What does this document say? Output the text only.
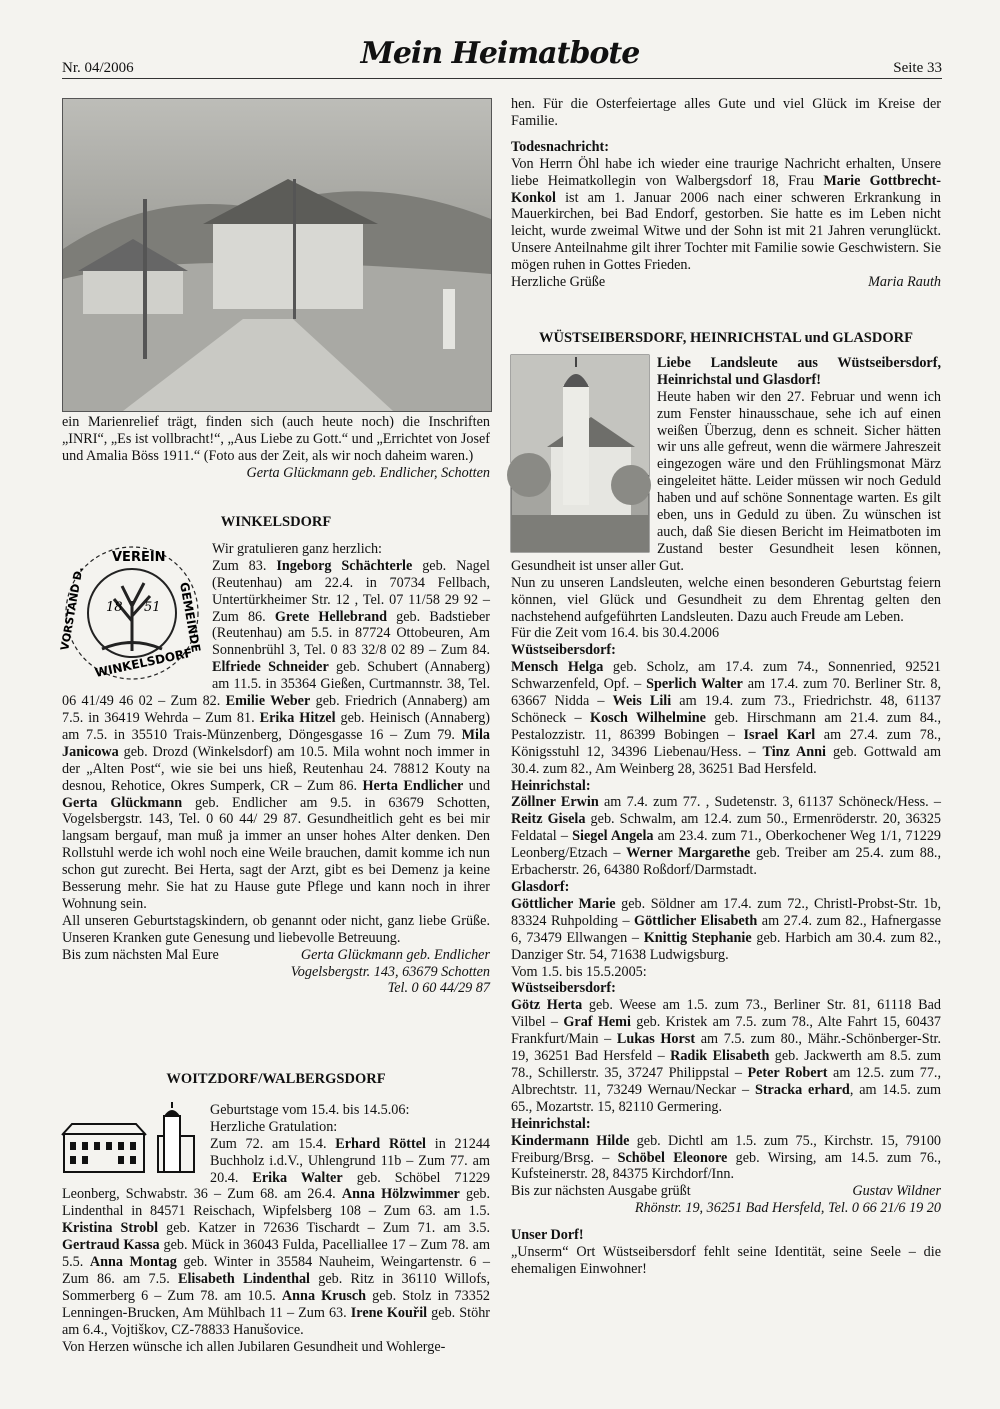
Nr. 04/2006	Mein Heimatbote	Seite 33

ein Marienrelief trägt, finden sich (auch heute noch) die Inschriften „INRI“, „Es ist vollbracht!“, „Aus Liebe zu Gott.“ und „Errichtet von Josef und Amalia Böss 1911.“ (Foto aus der Zeit, als wir noch daheim waren.)

Gerta Glückmann geb. Endlicher, Schotten

WINKELSDORF

18 51
VEREIN
GEMEINDE
VORSTAND D.
WINKELSDORF

Wir gratulieren ganz herzlich:

Zum 83. Ingeborg Schächterle geb. Nagel (Reutenhau) am 22.4. in 70734 Fellbach, Untertürkheimer Str. 12 , Tel. 07 11/58 29 92 – Zum 86. Grete Hellebrand geb. Badstieber (Reutenhau) am 5.5. in 87724 Ottobeuren, Am Sonnenbrühl 3, Tel. 0 83 32/8 02 89 – Zum 84. Elfriede Schneider geb. Schubert (Annaberg) am 11.5. in 35364 Gießen, Curtmannstr. 38, Tel. 06 41/49 46 02 – Zum 82. Emilie Weber geb. Friedrich (Annaberg) am 7.5. in 36419 Wehrda – Zum 81. Erika Hitzel geb. Heinisch (Annaberg) am 7.5. in 35510 Trais-Münzenberg, Döngesgasse 16 – Zum 79. Mila Janicowa geb. Drozd (Winkelsdorf) am 10.5. Mila wohnt noch immer in der „Alten Post“, wie sie bei uns hieß, Reutenhau 24. 78812 Kouty na desnou, Rehotice, Okres Sumperk, CR – Zum 86. Herta Endlicher und Gerta Glückmann geb. Endlicher am 9.5. in 63679 Schotten, Vogelsbergstr. 143, Tel. 0 60 44/ 29 87. Gesundheitlich geht es bei mir langsam bergauf, man muß ja immer an unser hohes Alter denken. Den Rollstuhl werde ich wohl noch eine Weile brauchen, damit komme ich nun schon gut zurecht. Bei Herta, sagt der Arzt, gibt es bei Demenz ja keine Besserung mehr. Sie hat zu Hause gute Pflege und kann noch in ihrer Wohnung sein.

All unseren Geburtstagskindern, ob genannt oder nicht, ganz liebe Grüße. Unseren Kranken gute Genesung und liebevolle Betreuung.

Bis zum nächsten Mal Eure	Gerta Glückmann geb. Endlicher

Vogelsbergstr. 143, 63679 Schotten

Tel. 0 60 44/29 87

WOITZDORF/WALBERGSDORF

Geburtstage vom 15.4. bis 14.5.06:

Herzliche Gratulation:

Zum 72. am 15.4. Erhard Röttel in 21244 Buchholz i.d.V., Uhlengrund 11b – Zum 77. am 20.4. Erika Walter geb. Schöbel 71229 Leonberg, Schwabstr. 36 – Zum 68. am 26.4. Anna Hölzwimmer geb. Lindenthal in 84571 Reischach, Wipfelsberg 108 – Zum 63. am 1.5. Kristina Strobl geb. Katzer in 72636 Tischardt – Zum 71. am 3.5. Gertraud Kassa geb. Mück in 36043 Fulda, Pacelliallee 17 – Zum 78. am 5.5. Anna Montag geb. Winter in 35584 Nauheim, Weingartenstr. 6 – Zum 86. am 7.5. Elisabeth Lindenthal geb. Ritz in 36110 Willofs, Sommerberg 6 – Zum 78. am 10.5. Anna Krusch geb. Stolz in 73352 Lenningen-Brucken, Am Mühlbach 11 – Zum 63. Irene Kouřil geb. Stöhr am 6.4., Vojtiškov, CZ-78833 Hanušovice.

Von Herzen wünsche ich allen Jubilaren Gesundheit und Wohlerge-

hen. Für die Osterfeiertage alles Gute und viel Glück im Kreise der Familie.

Todesnachricht:

Von Herrn Öhl habe ich wieder eine traurige Nachricht erhalten, Unsere liebe Heimatkollegin von Walbergsdorf 18, Frau Marie Gottbrecht-Konkol ist am 1. Januar 2006 nach einer schweren Erkrankung in Mauerkirchen, bei Bad Endorf, gestorben. Sie hatte es im Leben nicht leicht, wurde zweimal Witwe und der Sohn ist mit 21 Jahren verunglückt. Unsere Anteilnahme gilt ihrer Tochter mit Familie sowie Geschwistern. Sie mögen ruhen in Gottes Frieden.

Herzliche Grüße	Maria Rauth

WÜSTSEIBERSDORF, HEINRICHSTAL und GLASDORF

Liebe Landsleute aus Wüstseibersdorf, Heinrichstal und Glasdorf!

Heute haben wir den 27. Februar und wenn ich zum Fenster hinausschaue, sehe ich auf einen weißen Überzug, denn es schneit. Sicher hätten wir uns alle gefreut, wenn die wärmere Jahreszeit eingezogen wäre und den Frühlingsmonat März eingeleitet hätte. Leider müssen wir noch Geduld haben und auf schöne Sonnentage warten. Es gilt eben, uns in Geduld zu üben. Zu wünschen ist auch, daß Sie diesen Bericht im Heimatboten im Zustand bester Gesundheit lesen können, Gesundheit ist unser aller Gut.

Nun zu unseren Landsleuten, welche einen besonderen Geburtstag feiern können, viel Glück und Gesundheit zu dem Ehrentag gelten den nachstehend aufgeführten Landsleuten. Dazu auch Freude am Leben.

Für die Zeit vom 16.4. bis 30.4.2006

Wüstseibersdorf:

Mensch Helga geb. Scholz, am 17.4. zum 74., Sonnenried, 92521 Schwarzenfeld, Opf. – Sperlich Walter am 17.4. zum 70. Berliner Str. 8, 63667 Nidda – Weis Lili am 19.4. zum 73., Friedrichstr. 48, 61137 Schöneck – Kosch Wilhelmine geb. Hirschmann am 21.4. zum 84., Pestalozzistr. 11, 86399 Bobingen – Israel Karl am 27.4. zum 78., Königsstuhl 12, 34396 Liebenau/Hess. – Tinz Anni geb. Gottwald am 30.4. zum 82., Am Weinberg 28, 36251 Bad Hersfeld.

Heinrichstal:

Zöllner Erwin am 7.4. zum 77. , Sudetenstr. 3, 61137 Schöneck/Hess. – Reitz Gisela geb. Schwalm, am 12.4. zum 50., Ermenröderstr. 20, 36325 Feldatal – Siegel Angela am 23.4. zum 71., Oberkochener Weg 1/1, 71229 Leonberg/Etzach – Werner Margarethe geb. Treiber am 25.4. zum 88., Erbacherstr. 26, 64380 Roßdorf/Darmstadt.

Glasdorf:

Göttlicher Marie geb. Söldner am 17.4. zum 72., Christl-Probst-Str. 1b, 83324 Ruhpolding – Göttlicher Elisabeth am 27.4. zum 82., Hafnergasse 6, 73479 Ellwangen – Knittig Stephanie geb. Harbich am 30.4. zum 82., Danziger Str. 54, 71638 Ludwigsburg.

Vom 1.5. bis 15.5.2005:

Wüstseibersdorf:

Götz Herta geb. Weese am 1.5. zum 73., Berliner Str. 81, 61118 Bad Vilbel – Graf Hemi geb. Kristek am 7.5. zum 78., Alte Fahrt 15, 60437 Frankfurt/Main – Lukas Horst am 7.5. zum 80., Mähr.-Schönberger-Str. 19, 36251 Bad Hersfeld – Radik Elisabeth geb. Jackwerth am 8.5. zum 78., Schillerstr. 35, 37247 Philippstal – Peter Robert am 12.5. zum 77., Albrechtstr. 11, 73249 Wernau/Neckar – Stracka erhard, am 14.5. zum 65., Mozartstr. 15, 82110 Germering.

Heinrichstal:

Kindermann Hilde geb. Dichtl am 1.5. zum 75., Kirchstr. 15, 79100 Freiburg/Brsg. – Schöbel Eleonore geb. Wirsing, am 14.5. zum 76., Kufsteinerstr. 28, 84375 Kirchdorf/Inn.

Bis zur nächsten Ausgabe grüßt	Gustav Wildner

Rhönstr. 19, 36251 Bad Hersfeld, Tel. 0 66 21/6 19 20

Unser Dorf!

„Unserm“ Ort Wüstseibersdorf fehlt seine Identität, seine Seele – die ehemaligen Einwohner!
